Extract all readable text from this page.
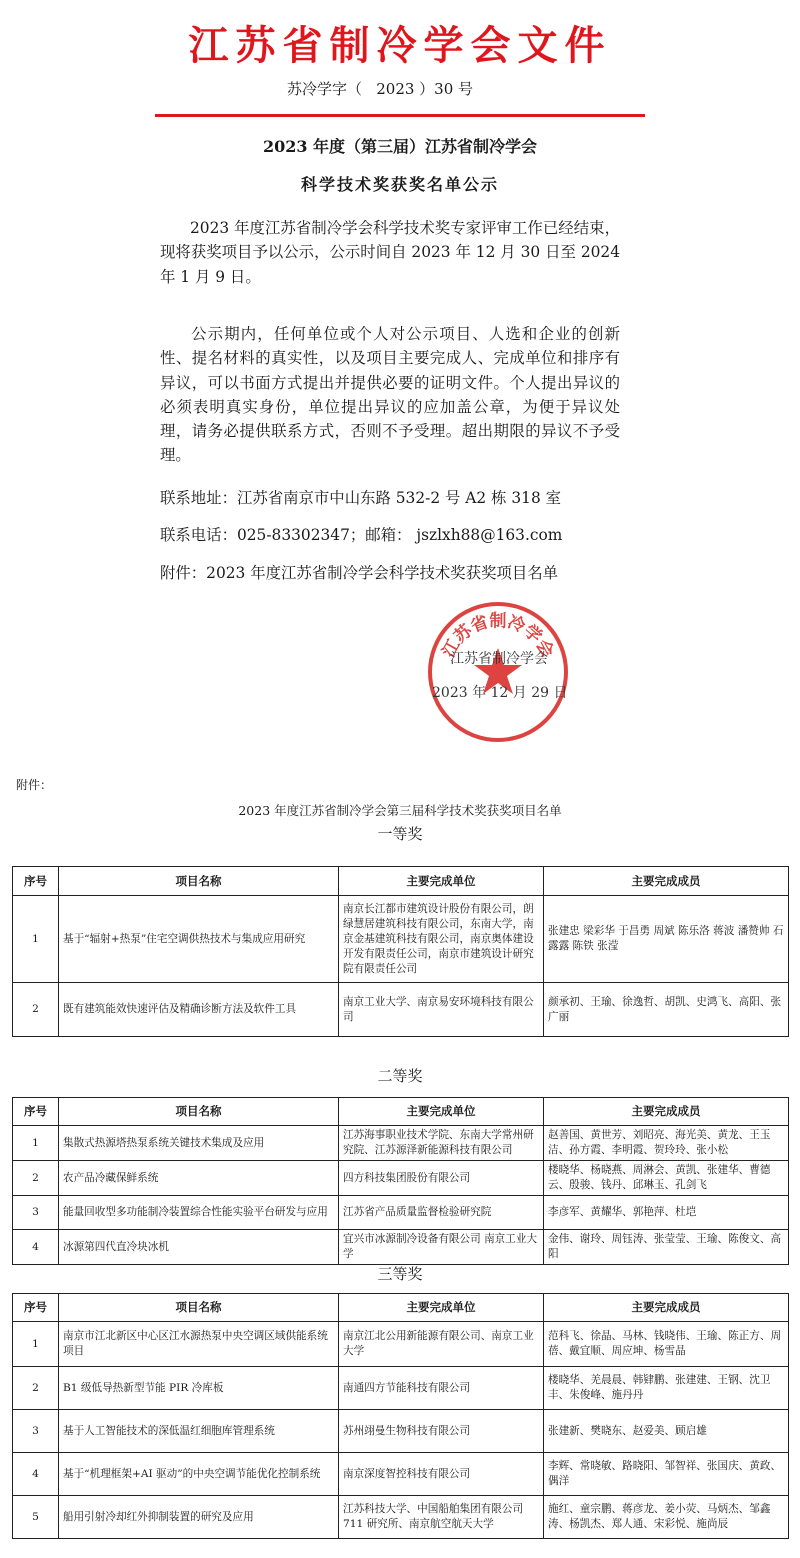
江苏省制冷学会文件
苏冷学字（   2023 ）30 号
2023 年度（第三届）江苏省制冷学会
科学技术奖获奖名单公示
2023 年度江苏省制冷学会科学技术奖专家评审工作已经结束，现将获奖项目予以公示，公示时间自 2023 年 12 月 30 日至 2024 年 1 月 9 日。
公示期内，任何单位或个人对公示项目、人选和企业的创新性、提名材料的真实性，以及项目主要完成人、完成单位和排序有异议，可以书面方式提出并提供必要的证明文件。个人提出异议的必须表明真实身份，单位提出异议的应加盖公章，为便于异议处理，请务必提供联系方式，否则不予受理。超出期限的异议不予受理。
联系地址：江苏省南京市中山东路 532-2 号 A2 栋 318 室
联系电话：025-83302347；邮箱： jszlxh88@163.com
附件：2023 年度江苏省制冷学会科学技术奖获奖项目名单
江苏省制冷学会
江苏省制冷学会
2023 年 12 月 29 日
附件：
2023 年度江苏省制冷学会第三届科学技术奖获奖项目名单
一等奖
序号	项目名称	主要完成单位	主要完成成员
1	基于“辐射+热泵”住宅空调供热技术与集成应用研究	南京长江都市建筑设计股份有限公司，朗绿慧居建筑科技有限公司，东南大学，南京金基建筑科技有限公司，南京奥体建设开发有限责任公司，南京市建筑设计研究院有限责任公司	张建忠 梁彩华 于昌勇 周斌 陈乐洛 蒋波 潘赞帅 石露露 陈铁 张滢
2	既有建筑能效快速评估及精确诊断方法及软件工具	南京工业大学、南京易安环境科技有限公司	颜承初、王瑜、徐逸哲、胡凯、史鸿飞、高阳、张广丽
二等奖
序号	项目名称	主要完成单位	主要完成成员
1	集散式热源塔热泵系统关键技术集成及应用	江苏海事职业技术学院、东南大学常州研究院、江苏源泽新能源科技有限公司	赵善国、黄世芳、刘昭亮、海光美、黄龙、王玉洁、孙方霞、李明霞、贺玲玲、张小松
2	农产品冷藏保鲜系统	四方科技集团股份有限公司	楼晓华、杨晓燕、周淋会、黄凯、张建华、曹德云、殷骏、钱丹、邱琳玉、孔剑飞
3	能量回收型多功能制冷装置综合性能实验平台研发与应用	江苏省产品质量监督检验研究院	李彦军、黄耀华、郭艳萍、杜垲
4	冰源第四代直冷块冰机	宜兴市冰源制冷设备有限公司 南京工业大学	金伟、谢玲、周钰涛、张莹莹、王瑜、陈俊文、高阳
三等奖
序号	项目名称	主要完成单位	主要完成成员
1	南京市江北新区中心区江水源热泵中央空调区域供能系统项目	南京江北公用新能源有限公司、南京工业大学	范科飞、徐晶、马林、钱晓伟、王瑜、陈正方、周蓓、戴宜顺、周应坤、杨雪晶
2	B1 级低导热新型节能 PIR 冷库板	南通四方节能科技有限公司	楼晓华、羌晨晨、韩肄鹏、张建建、王钢、沈卫丰、朱俊峰、施丹丹
3	基于人工智能技术的深低温红细胞库管理系统	苏州翊曼生物科技有限公司	张建新、樊晓东、赵爱美、顾启雄
4	基于“机理框架+AI 驱动”的中央空调节能优化控制系统	南京深度智控科技有限公司	李辉、常晓敏、路晓阳、邹智祥、张国庆、黄政、偶洋
5	船用引射冷却红外抑制装置的研究及应用	江苏科技大学、中国船舶集团有限公司 711 研究所、南京航空航天大学	施红、童宗鹏、蒋彦龙、姜小荧、马炳杰、邹鑫涛、杨凯杰、郑人通、宋彩悦、施尚辰
